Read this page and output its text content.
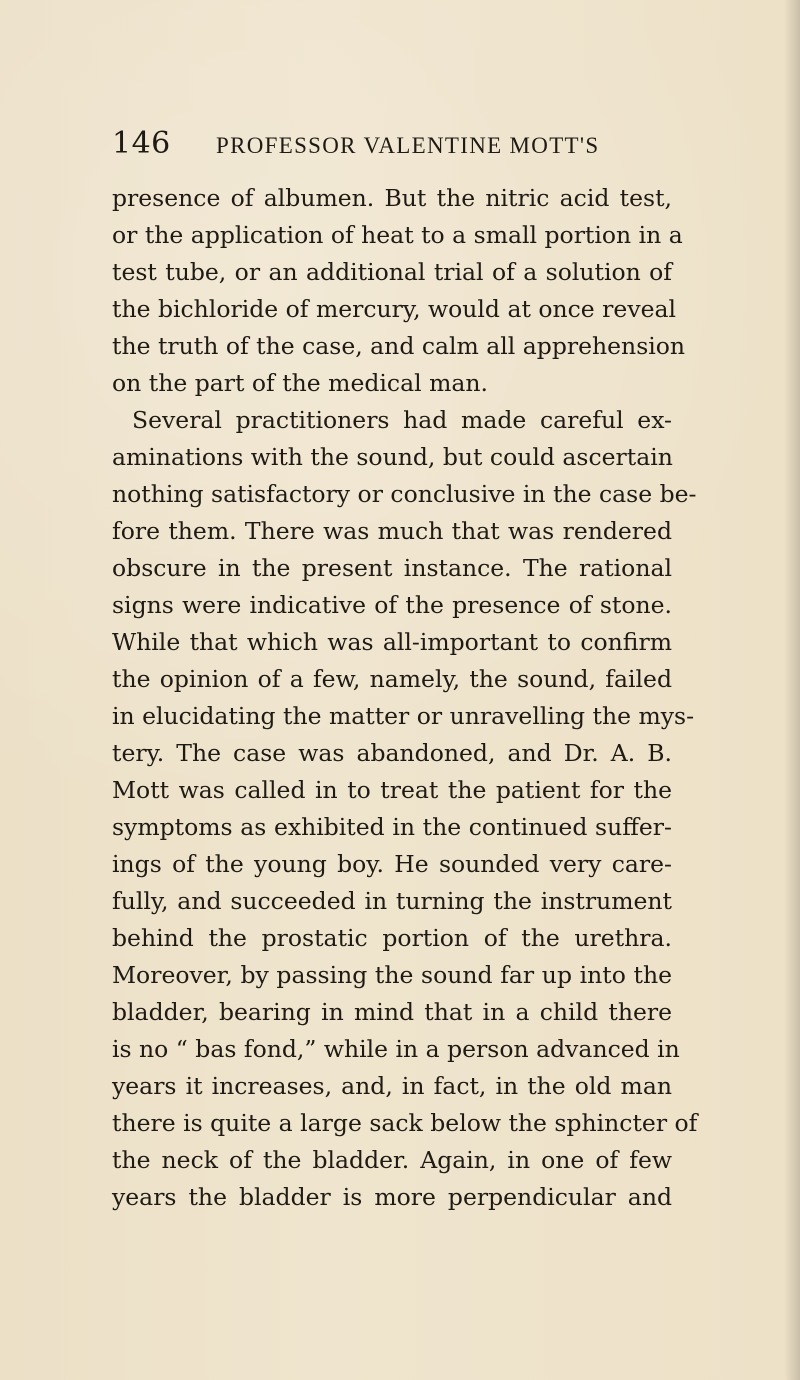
146	PROFESSOR VALENTINE MOTT'S
presence of albumen. But the nitric acid test,
or the application of heat to a small portion in a
test tube, or an additional trial of a solution of
the bichloride of mercury, would at once reveal
the truth of the case, and calm all apprehension
on the part of the medical man.
Several practitioners had made careful ex-
aminations with the sound, but could ascertain
nothing satisfactory or conclusive in the case be-
fore them. There was much that was rendered
obscure in the present instance. The rational
signs were indicative of the presence of stone.
While that which was all-important to confirm
the opinion of a few, namely, the sound, failed
in elucidating the matter or unravelling the mys-
tery. The case was abandoned, and Dr. A. B.
Mott was called in to treat the patient for the
symptoms as exhibited in the continued suffer-
ings of the young boy. He sounded very care-
fully, and succeeded in turning the instrument
behind the prostatic portion of the urethra.
Moreover, by passing the sound far up into the
bladder, bearing in mind that in a child there
is no “ bas fond,” while in a person advanced in
years it increases, and, in fact, in the old man
there is quite a large sack below the sphincter of
the neck of the bladder. Again, in one of few
years the bladder is more perpendicular and
